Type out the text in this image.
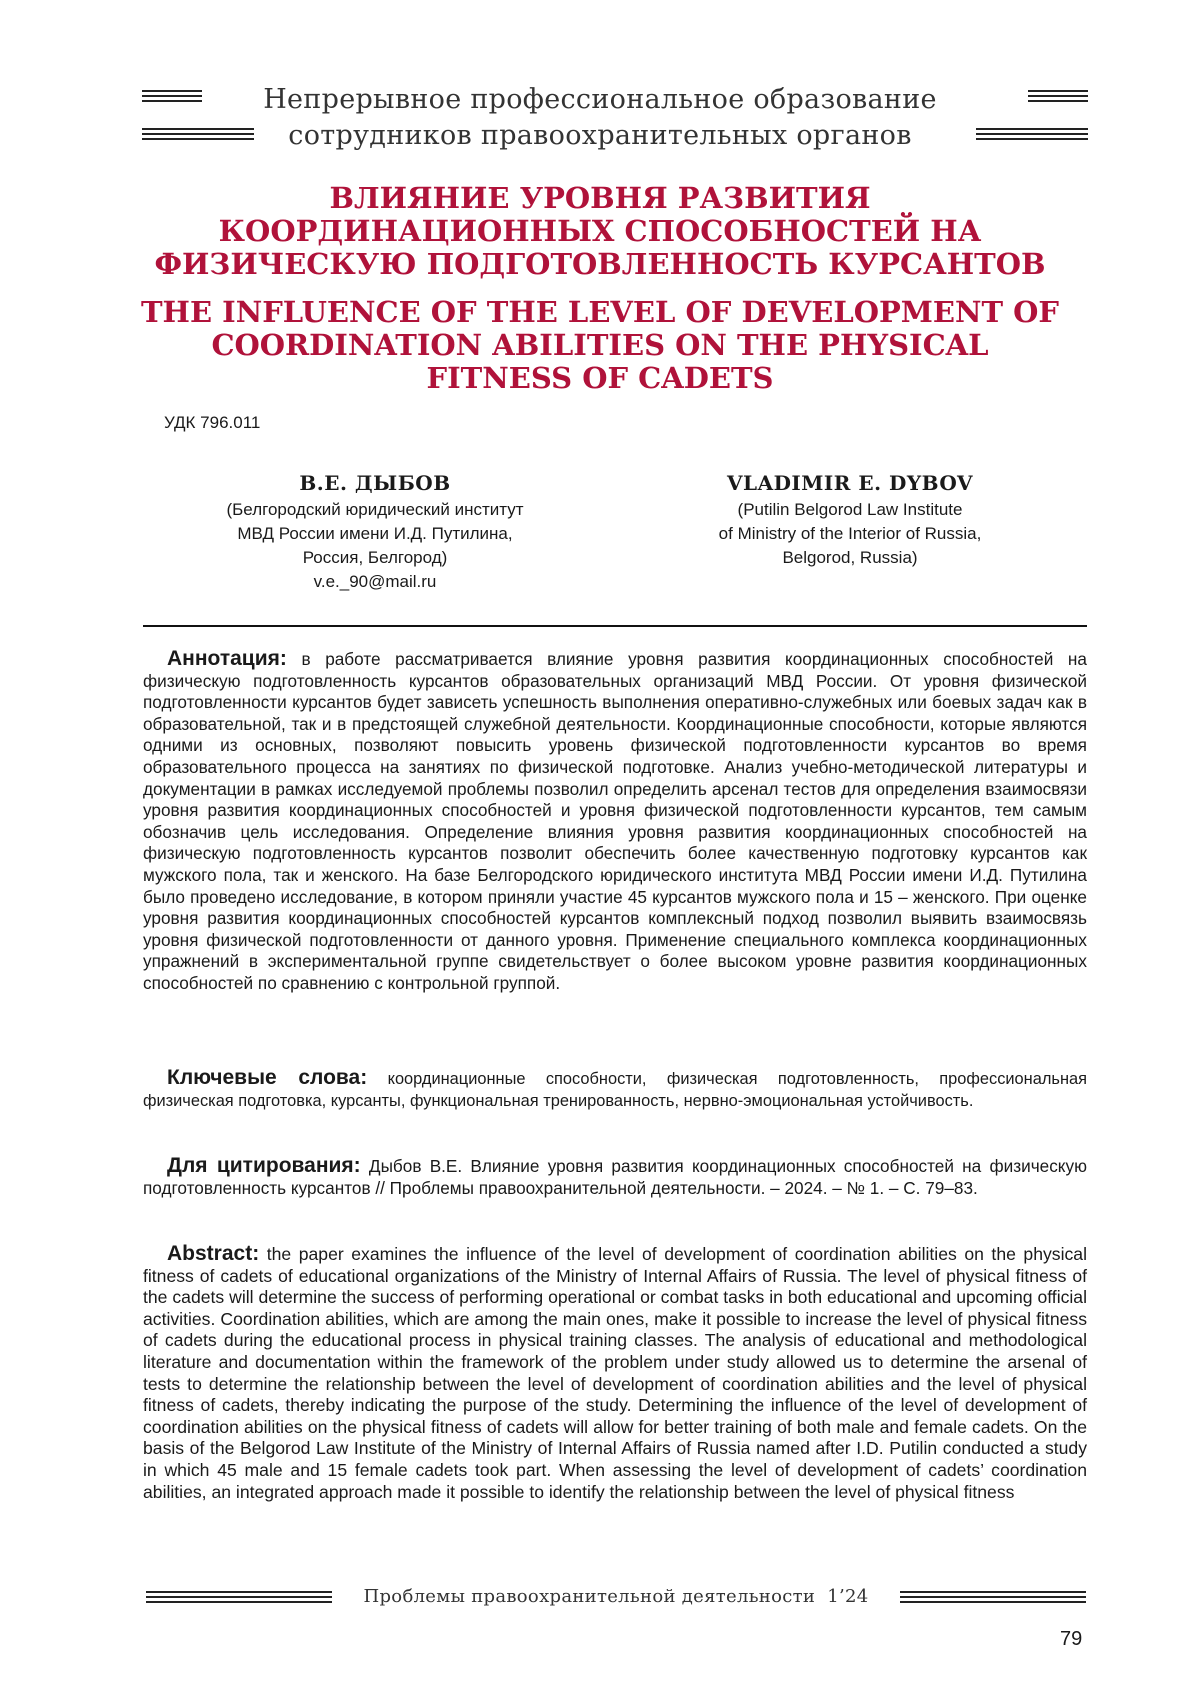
Непрерывное профессиональное образование
сотрудников правоохранительных органов
ВЛИЯНИЕ УРОВНЯ РАЗВИТИЯ КООРДИНАЦИОННЫХ СПОСОБНОСТЕЙ НА ФИЗИЧЕСКУЮ ПОДГОТОВЛЕННОСТЬ КУРСАНТОВ
THE INFLUENCE OF THE LEVEL OF DEVELOPMENT OF COORDINATION ABILITIES ON THE PHYSICAL FITNESS OF CADETS
УДК 796.011
В.Е. ДЫБОВ
(Белгородский юридический институт
МВД России имени И.Д. Путилина,
Россия, Белгород)
v.e._90@mail.ru
VLADIMIR E. DYBOV
(Putilin Belgorod Law Institute
of Ministry of the Interior of Russia,
Belgorod, Russia)
Аннотация: в работе рассматривается влияние уровня развития координационных способностей на физическую подготовленность курсантов образовательных организаций МВД России. От уровня физической подготовленности курсантов будет зависеть успешность выполнения оперативно-служебных или боевых задач как в образовательной, так и в предстоящей служебной деятельности. Координационные способности, которые являются одними из основных, позволяют повысить уровень физической подготовленности курсантов во время образовательного процесса на занятиях по физической подготовке. Анализ учебно-методической литературы и документации в рамках исследуемой проблемы позволил определить арсенал тестов для определения взаимосвязи уровня развития координационных способностей и уровня физической подготовленности курсантов, тем самым обозначив цель исследования. Определение влияния уровня развития координационных способностей на физическую подготовленность курсантов позволит обеспечить более качественную подготовку курсантов как мужского пола, так и женского. На базе Белгородского юридического института МВД России имени И.Д. Путилина было проведено исследование, в котором приняли участие 45 курсантов мужского пола и 15 – женского. При оценке уровня развития координационных способностей курсантов комплексный подход позволил выявить взаимосвязь уровня физической подготовленности от данного уровня. Применение специального комплекса координационных упражнений в экспериментальной группе свидетельствует о более высоком уровне развития координационных способностей по сравнению с контрольной группой.
Ключевые слова: координационные способности, физическая подготовленность, профессиональная физическая подготовка, курсанты, функциональная тренированность, нервно-эмоциональная устойчивость.
Для цитирования: Дыбов В.Е. Влияние уровня развития координационных способностей на физическую подготовленность курсантов // Проблемы правоохранительной деятельности. – 2024. – № 1. – С. 79–83.
Abstract: the paper examines the influence of the level of development of coordination abilities on the physical fitness of cadets of educational organizations of the Ministry of Internal Affairs of Russia. The level of physical fitness of the cadets will determine the success of performing operational or combat tasks in both educational and upcoming official activities. Coordination abilities, which are among the main ones, make it possible to increase the level of physical fitness of cadets during the educational process in physical training classes. The analysis of educational and methodological literature and documentation within the framework of the problem under study allowed us to determine the arsenal of tests to determine the relationship between the level of development of coordination abilities and the level of physical fitness of cadets, thereby indicating the purpose of the study. Determining the influence of the level of development of coordination abilities on the physical fitness of cadets will allow for better training of both male and female cadets. On the basis of the Belgorod Law Institute of the Ministry of Internal Affairs of Russia named after I.D. Putilin conducted a study in which 45 male and 15 female cadets took part. When assessing the level of development of cadets’ coordination abilities, an integrated approach made it possible to identify the relationship between the level of physical fitness
Проблемы правоохранительной деятельности 1’24
79
